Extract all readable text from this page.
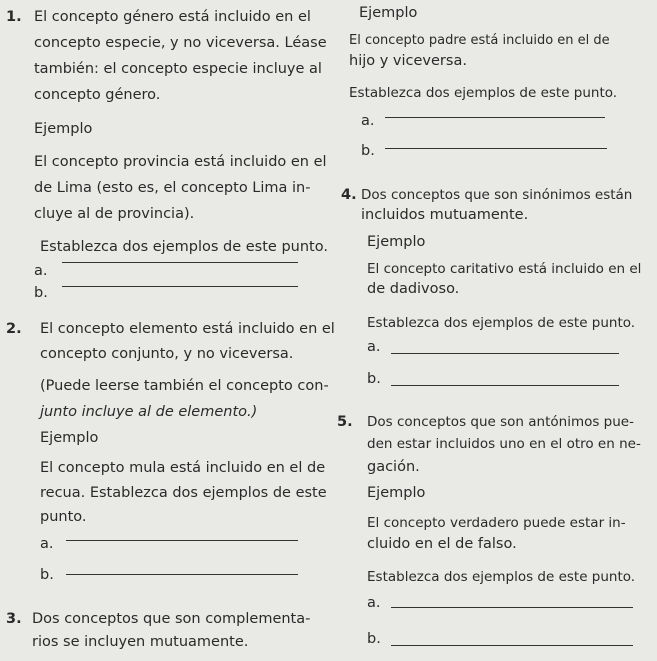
1. El concepto género está incluido en el
concepto especie, y no viceversa. Léase
también: el concepto especie incluye al
concepto género.
Ejemplo
El concepto provincia está incluido en el
de Lima (esto es, el concepto Lima in-
cluye al de provincia).
Establezca dos ejemplos de este punto.
a.
b.
2. El concepto elemento está incluido en el
concepto conjunto, y no viceversa.
(Puede leerse también el concepto con-
junto incluye al de elemento.)
Ejemplo
El concepto mula está incluido en el de
recua. Establezca dos ejemplos de este
punto.
a.
b.
3. Dos conceptos que son complementa-
rios se incluyen mutuamente.
Ejemplo
El concepto padre está incluido en el de
hijo y viceversa.
Establezca dos ejemplos de este punto.
a.
b.
4. Dos conceptos que son sinónimos están
incluidos mutuamente.
Ejemplo
El concepto caritativo está incluido en el
de dadivoso.
Establezca dos ejemplos de este punto.
a.
b.
5. Dos conceptos que son antónimos pue-
den estar incluidos uno en el otro en ne-
gación.
Ejemplo
El concepto verdadero puede estar in-
cluido en el de falso.
Establezca dos ejemplos de este punto.
a.
b.
